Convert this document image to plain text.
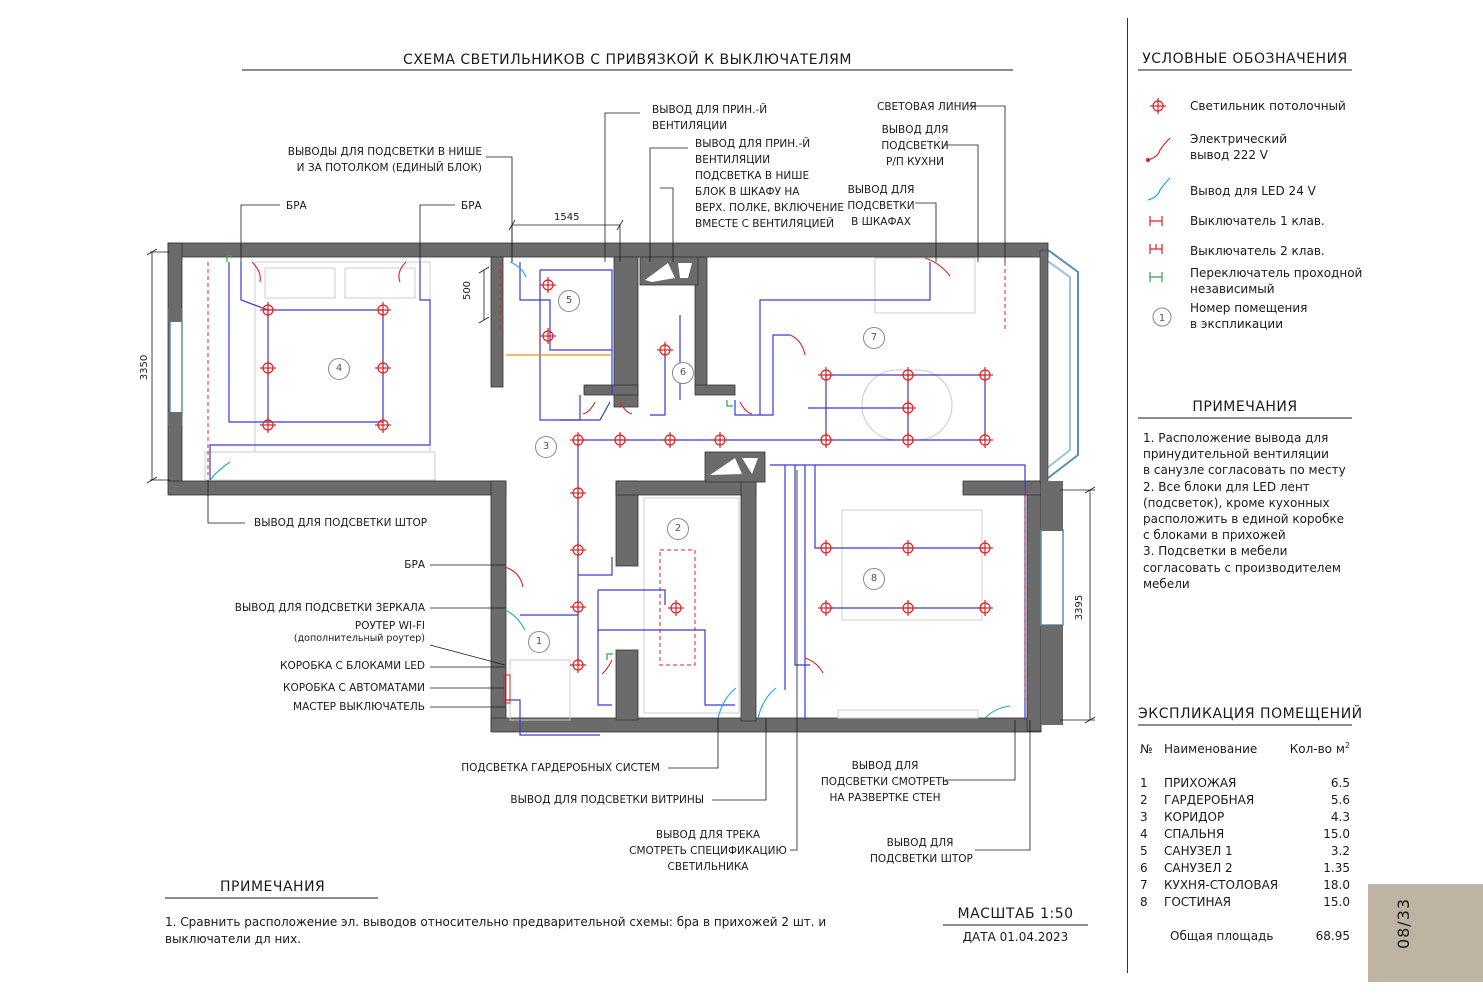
1
СХЕМА СВЕТИЛЬНИКОВ С ПРИВЯЗКОЙ К ВЫКЛЮЧАТЕЛЯМ
1545
500
3350
3395
4
5
6
7
3
2
8
1
ВЫВОД ДЛЯ ПРИН.-Й
ВЕНТИЛЯЦИИ
ВЫВОД ДЛЯ ПРИН.-Й
ВЕНТИЛЯЦИИ
ВЫВОДЫ ДЛЯ ПОДСВЕТКИ В НИШЕ
И ЗА ПОТОЛКОМ (ЕДИНЫЙ БЛОК)
СВЕТОВАЯ ЛИНИЯ
ВЫВОД ДЛЯ
ПОДСВЕТКИ
Р/П КУХНИ
ПОДСВЕТКА В НИШЕ
БЛОК В ШКАФУ НА
ВЕРХ. ПОЛКЕ, ВКЛЮЧЕНИЕ
ВМЕСТЕ С ВЕНТИЛЯЦИЕЙ
ВЫВОД ДЛЯ
ПОДСВЕТКИ
В ШКАФАХ
БРА	БРА
ВЫВОД ДЛЯ ПОДСВЕТКИ ШТОР
БРА
ВЫВОД ДЛЯ ПОДСВЕТКИ ЗЕРКАЛА
РОУТЕР WI-FI
(дополнительный роутер)
КОРОБКА С БЛОКАМИ LED
КОРОБКА С АВТОМАТАМИ
МАСТЕР ВЫКЛЮЧАТЕЛЬ
ПОДСВЕТКА ГАРДЕРОБНЫХ СИСТЕМ
ВЫВОД ДЛЯ ПОДСВЕТКИ ВИТРИНЫ
ВЫВОД ДЛЯ ТРЕКА
СМОТРЕТЬ СПЕЦИФИКАЦИЮ
СВЕТИЛЬНИКА
ВЫВОД ДЛЯ
ПОДСВЕТКИ СМОТРЕТЬ
НА РАЗВЕРТКЕ СТЕН
ВЫВОД ДЛЯ
ПОДСВЕТКИ ШТОР
ПРИМЕЧАНИЯ
1. Сравнить расположение эл. выводов относительно предварительной схемы: бра в прихожей 2 шт. и
выключатели дл них.
МАСШТАБ 1:50
ДАТА 01.04.2023
УСЛОВНЫЕ ОБОЗНАЧЕНИЯ
Светильник потолочный
Электрический
вывод 222 V
Вывод для LED 24 V
Выключатель 1 клав.
Выключатель 2 клав.
Переключатель проходной
независимый
Номер помещения
в экспликации
ПРИМЕЧАНИЯ
1. Расположение вывода для
принудительной вентиляции
в санузле согласовать по месту
2. Все блоки для LED лент
(подсветок), кроме кухонных
расположить в единой коробке
с блоками в прихожей
3. Подсветки в мебели
согласовать с производителем
мебели
ЭКСПЛИКАЦИЯ ПОМЕЩЕНИЙ
№	Наименование	Кол-во $м^2$

1	ПРИХОЖАЯ	6.5
2	ГАРДЕРОБНАЯ	5.6
3	КОРИДОР	4.3
4	СПАЛЬНЯ	15.0
5	САНУЗЕЛ 1	3.2
6	САНУЗЕЛ 2	1.35
7	КУХНЯ-СТОЛОВАЯ	18.0
8	ГОСТИНАЯ	15.0

	Общая площадь	68.95	08/33
